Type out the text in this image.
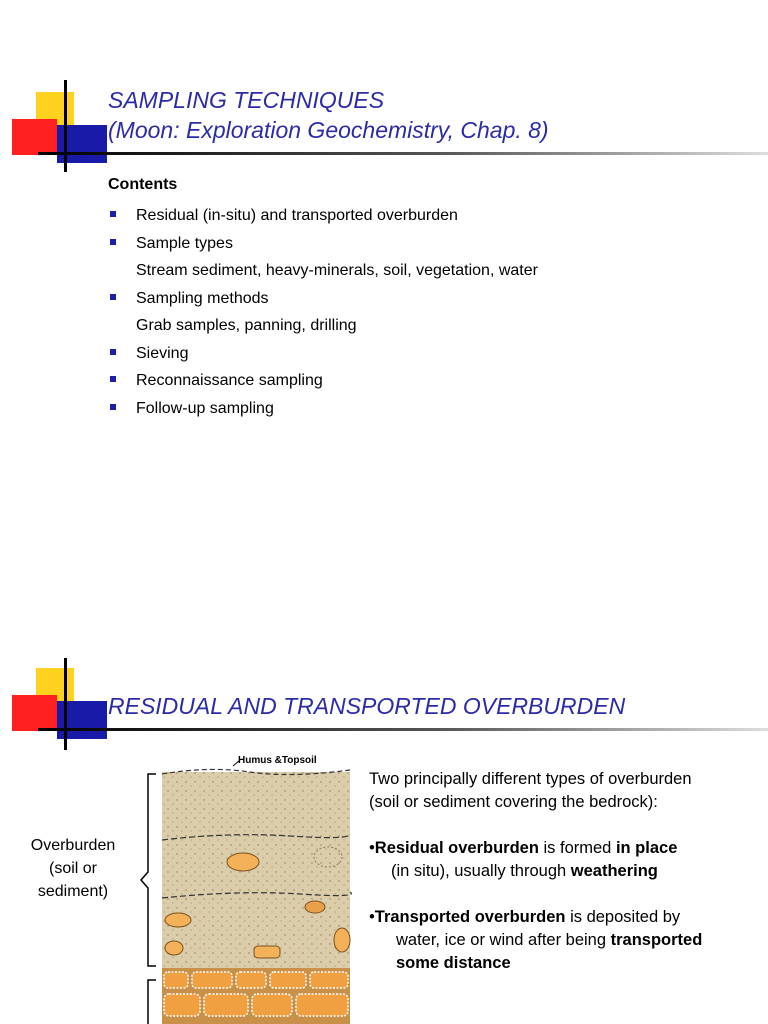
SAMPLING TECHNIQUES
(Moon: Exploration Geochemistry, Chap. 8)
Contents
Residual (in-situ) and transported overburden
Sample types
Stream sediment, heavy-minerals, soil, vegetation, water
Sampling methods
Grab samples, panning, drilling
Sieving
Reconnaissance sampling
Follow-up sampling
RESIDUAL AND TRANSPORTED OVERBURDEN
Humus &Topsoil
Overburden
(soil or
sediment)
Two principally different types of overburden
(soil or sediment covering the bedrock):
•Residual overburden is formed in place
(in situ), usually through weathering
•Transported overburden is deposited by
water, ice or wind after being transported
some distance
